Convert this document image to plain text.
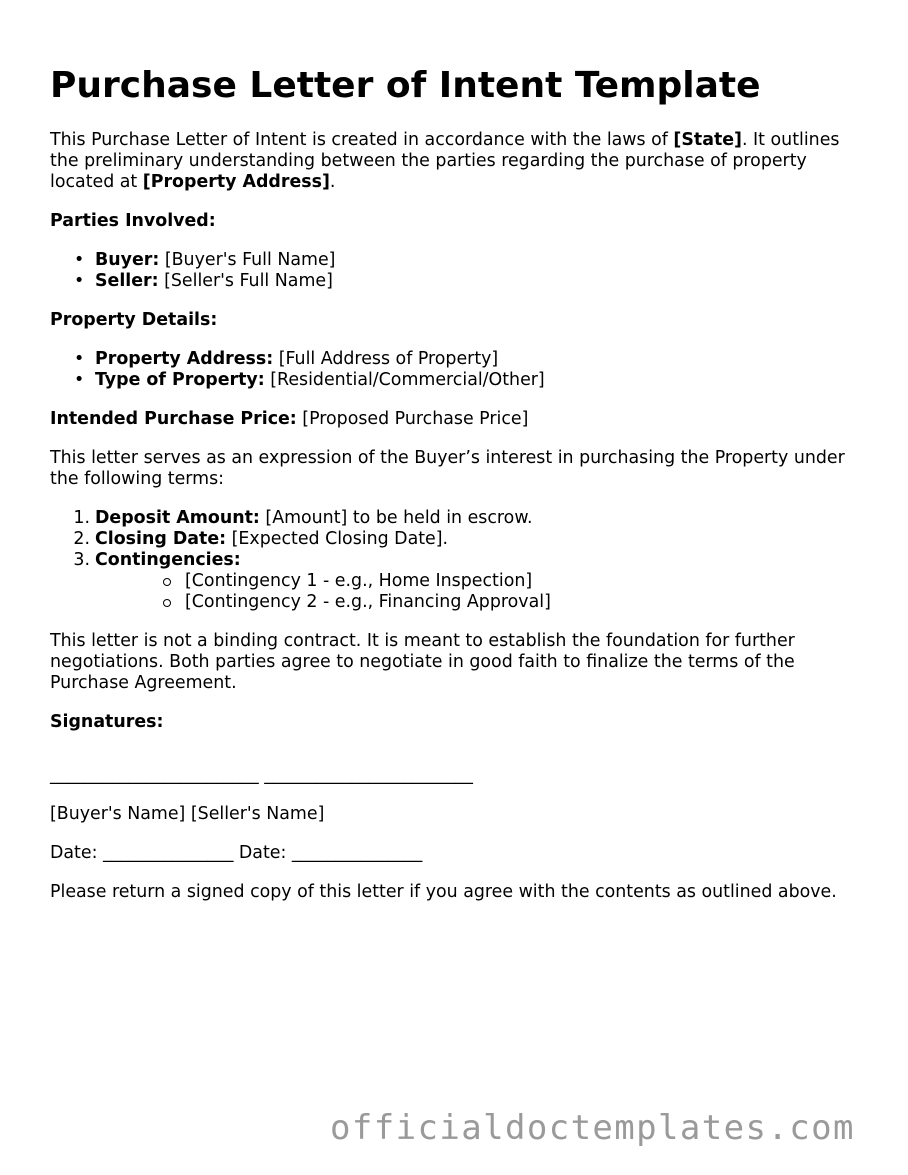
Purchase Letter of Intent Template

This Purchase Letter of Intent is created in accordance with the laws of [State]. It outlines the preliminary understanding between the parties regarding the purchase of property located at [Property Address].

Parties Involved:

• Buyer: [Buyer's Full Name]
• Seller: [Seller's Full Name]

Property Details:

• Property Address: [Full Address of Property]
• Type of Property: [Residential/Commercial/Other]

Intended Purchase Price: [Proposed Purchase Price]

This letter serves as an expression of the Buyer’s interest in purchasing the Property under the following terms:

1. Deposit Amount: [Amount] to be held in escrow.
2. Closing Date: [Expected Closing Date].
3. Contingencies:
[Contingency 1 - e.g., Home Inspection]
[Contingency 2 - e.g., Financing Approval]

This letter is not a binding contract. It is meant to establish the foundation for further negotiations. Both parties agree to negotiate in good faith to finalize the terms of the Purchase Agreement.

Signatures:

________________________ ________________________

[Buyer's Name] [Seller's Name]

Date: _______________ Date: _______________

Please return a signed copy of this letter if you agree with the contents as outlined above.

officialdoctemplates.com
